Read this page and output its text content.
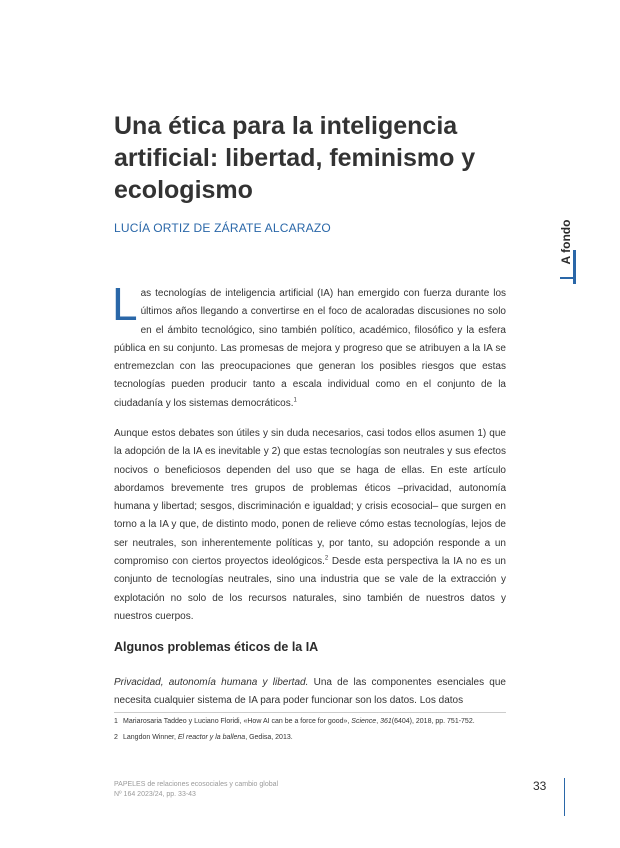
Una ética para la inteligencia artificial: libertad, feminismo y ecologismo

LUCÍA ORTIZ DE ZÁRATE ALCARAZO	A fondo

Las tecnologías de inteligencia artificial (IA) han emergido con fuerza durante los últimos años llegando a convertirse en el foco de acaloradas discusiones no solo en el ámbito tecnológico, sino también político, académico, filosófico y la esfera pública en su conjunto. Las promesas de mejora y progreso que se atribuyen a la IA se entremezclan con las preocupaciones que generan los posibles riesgos que estas tecnologías pueden producir tanto a escala individual como en el conjunto de la ciudadanía y los sistemas democráticos.$^1$

Aunque estos debates son útiles y sin duda necesarios, casi todos ellos asumen 1) que la adopción de la IA es inevitable y 2) que estas tecnologías son neutrales y sus efectos nocivos o beneficiosos dependen del uso que se haga de ellas. En este artículo abordamos brevemente tres grupos de problemas éticos –privacidad, autonomía humana y libertad; sesgos, discriminación e igualdad; y crisis ecosocial– que surgen en torno a la IA y que, de distinto modo, ponen de relieve cómo estas tecnologías, lejos de ser neutrales, son inherentemente políticas y, por tanto, su adopción responde a un compromiso con ciertos proyectos ideológicos.$^2$ Desde esta perspectiva la IA no es un conjunto de tecnologías neutrales, sino una industria que se vale de la extracción y explotación no solo de los recursos naturales, sino también de nuestros datos y nuestros cuerpos.

Algunos problemas éticos de la IA

Privacidad, autonomía humana y libertad. Una de las componentes esenciales que necesita cualquier sistema de IA para poder funcionar son los datos. Los datos

1 Mariarosaria Taddeo y Luciano Floridi, «How AI can be a force for good», Science, 361(6404), 2018, pp. 751-752.
2 Langdon Winner, El reactor y la ballena, Gedisa, 2013.
PAPELES de relaciones ecosociales y cambio global
Nº 164 2023/24, pp. 33-43
33
